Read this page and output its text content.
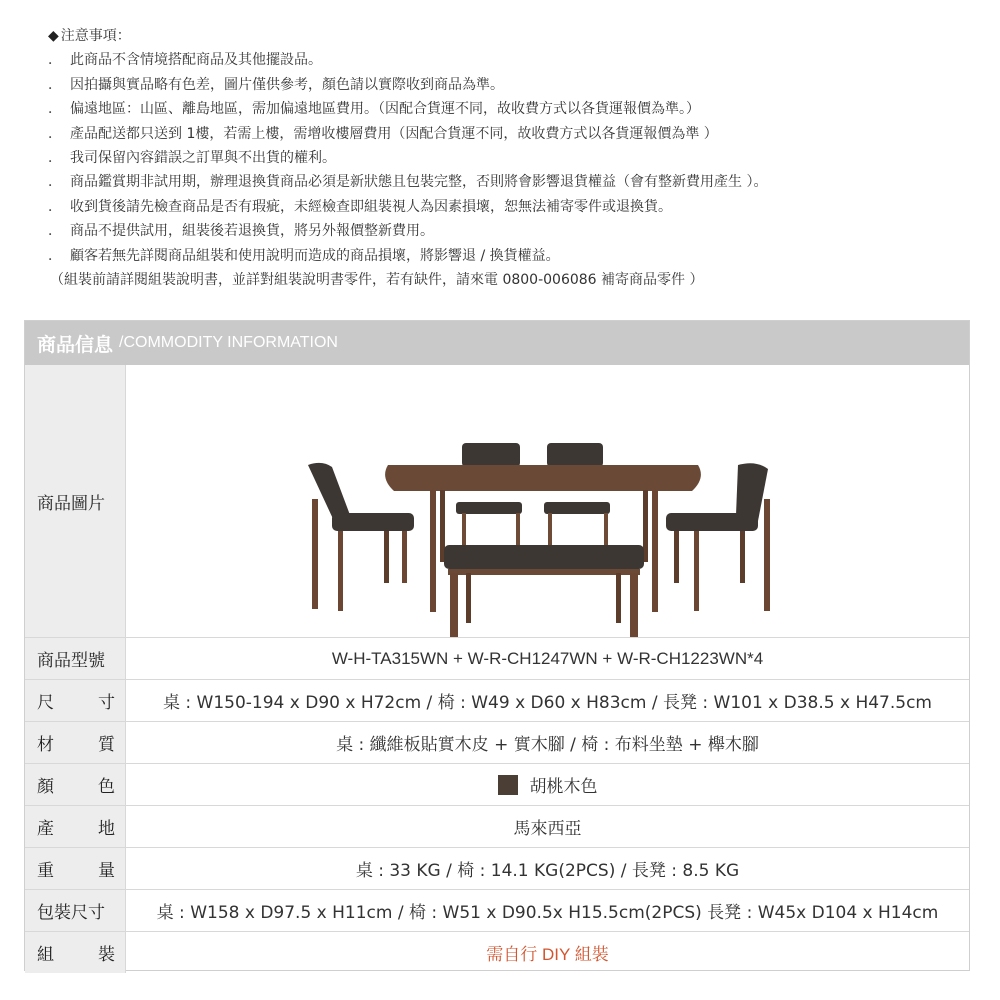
◆ 注意事項：
． 此商品不含情境搭配商品及其他擺設品。
． 因拍攝與實品略有色差，圖片僅供參考，顏色請以實際收到商品為準。
． 偏遠地區：山區、離島地區，需加偏遠地區費用。（因配合貨運不同，故收費方式以各貨運報價為準。）
． 產品配送都只送到 1樓，若需上樓，需增收樓層費用（因配合貨運不同，故收費方式以各貨運報價為準 ）
． 我司保留內容錯誤之訂單與不出貨的權利。
． 商品鑑賞期非試用期，辦理退換貨商品必須是新狀態且包裝完整，否則將會影響退貨權益（會有整新費用產生 ）。
． 收到貨後請先檢查商品是否有瑕疵，未經檢查即組裝視人為因素損壞，恕無法補寄零件或退換貨。
． 商品不提供試用，組裝後若退換貨，將另外報價整新費用。
． 顧客若無先詳閱商品組裝和使用說明而造成的商品損壞，將影響退 / 換貨權益。
（組裝前請詳閱組裝說明書，並詳對組裝說明書零件，若有缺件，請來電 0800-006086 補寄商品零件 ）
商品信息 /COMMODITY INFORMATION
商品圖片
商品型號	W-H-TA315WN + W-R-CH1247WN + W-R-CH1223WN*4
尺	寸	桌 : W150-194 x D90 x H72cm / 椅 : W49 x D60 x H83cm / 長凳 : W101 x D38.5 x H47.5cm
材	質	桌 : 纖維板貼實木皮 + 實木腳 / 椅 : 布料坐墊 + 櫸木腳
顏	色	胡桃木色
產	地	馬來西亞
重	量	桌 : 33 KG / 椅 : 14.1 KG(2PCS) / 長凳 : 8.5 KG
包裝尺寸	桌 : W158 x D97.5 x H11cm / 椅 : W51 x D90.5x H15.5cm(2PCS) 長凳 : W45x D104 x H14cm
組	裝	需自行 DIY 組裝
